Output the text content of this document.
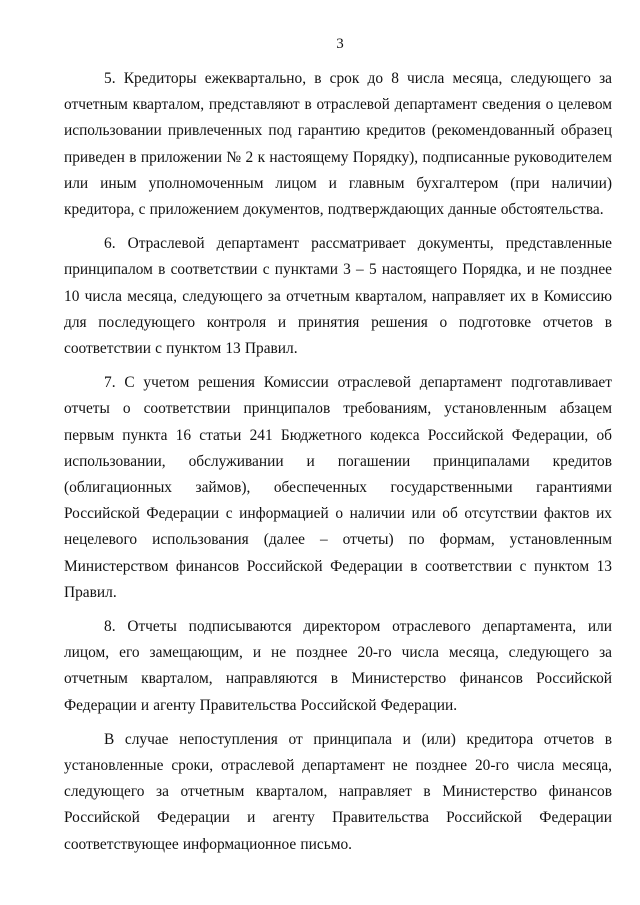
3

5. Кредиторы ежеквартально, в срок до 8 числа месяца, следующего за отчетным кварталом, представляют в отраслевой департамент сведения о целевом использовании привлеченных под гарантию кредитов (рекомендованный образец приведен в приложении № 2 к настоящему Порядку), подписанные руководителем или иным уполномоченным лицом и главным бухгалтером (при наличии) кредитора, с приложением документов, подтверждающих данные обстоятельства.

6. Отраслевой департамент рассматривает документы, представленные принципалом в соответствии с пунктами 3 – 5 настоящего Порядка, и не позднее 10 числа месяца, следующего за отчетным кварталом, направляет их в Комиссию для последующего контроля и принятия решения о подготовке отчетов в соответствии с пунктом 13 Правил.

7. С учетом решения Комиссии отраслевой департамент подготавливает отчеты о соответствии принципалов требованиям, установленным абзацем первым пункта 16 статьи 241 Бюджетного кодекса Российской Федерации, об использовании, обслуживании и погашении принципалами кредитов (облигационных займов), обеспеченных государственными гарантиями Российской Федерации с информацией о наличии или об отсутствии фактов их нецелевого использования (далее – отчеты) по формам, установленным Министерством финансов Российской Федерации в соответствии с пунктом 13 Правил.

8. Отчеты подписываются директором отраслевого департамента, или лицом, его замещающим, и не позднее 20-го числа месяца, следующего за отчетным кварталом, направляются в Министерство финансов Российской Федерации и агенту Правительства Российской Федерации.

В случае непоступления от принципала и (или) кредитора отчетов в установленные сроки, отраслевой департамент не позднее 20-го числа месяца, следующего за отчетным кварталом, направляет в Министерство финансов Российской Федерации и агенту Правительства Российской Федерации соответствующее информационное письмо.
